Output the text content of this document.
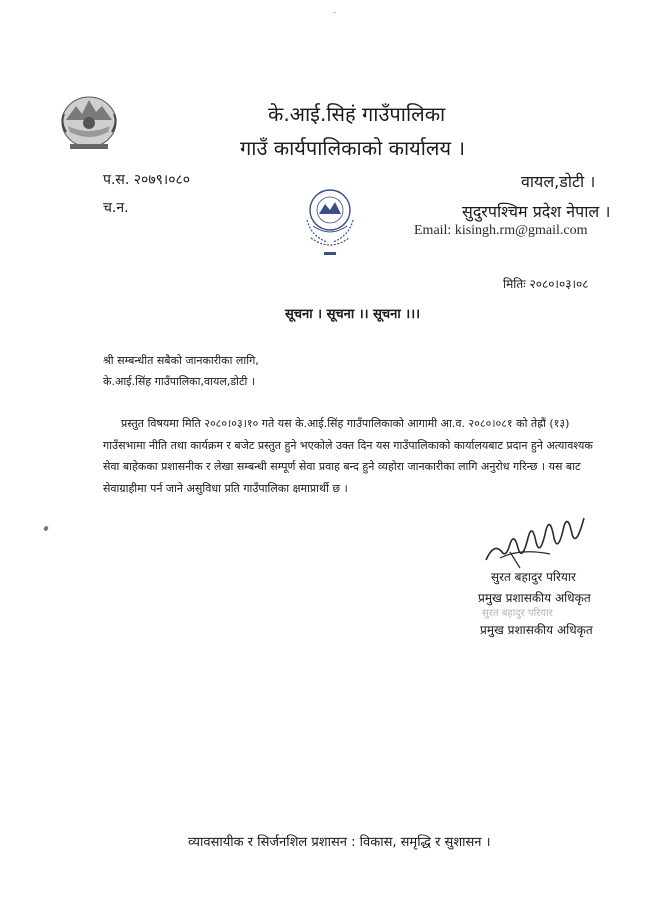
के.आई.सिहं गाउँपालिका
गाउँ कार्यपालिकाको कार्यालय ।
प.स. २०७९।०८०
च.न.
वायल,डोटी ।
सुदुरपश्चिम प्रदेश नेपाल ।
Email: kisingh.rm@gmail.com
मितिः २०८०।०३।०८
सूचना । सूचना ।। सूचना ।।।
श्री सम्बन्धीत सबैको जानकारीका लागि,
के.आई.सिंह गाउँपालिका,वायल,डोटी ।
प्रस्तुत विषयमा मिति २०८०।०३।१० गते यस के.आई.सिंह गाउँपालिकाको आगामी आ.व. २०८०।०८१ को तेह्रौं (१३) गाउँसभामा नीति तथा कार्यक्रम र बजेट प्रस्तुत हुने भएकोले उक्त दिन यस गाउँपालिकाको कार्यालयबाट प्रदान हुने अत्यावश्यक सेवा बाहेकका प्रशासनीक र लेखा सम्बन्धी सम्पूर्ण सेवा प्रवाह बन्द हुने व्यहोरा जानकारीका लागि अनुरोध गरिन्छ । यस बाट सेवाग्राहीमा पर्न जाने असुविधा प्रति गाउँपालिका क्षमाप्रार्थी छ ।
सुरत बहादुर परियार
प्रमुख प्रशासकीय अधिकृत
सुरत बहादुर परियार
प्रमुख प्रशासकीय अधिकृत
व्यावसायीक र सिर्जनशिल प्रशासन : विकास, समृद्धि र सुशासन ।
